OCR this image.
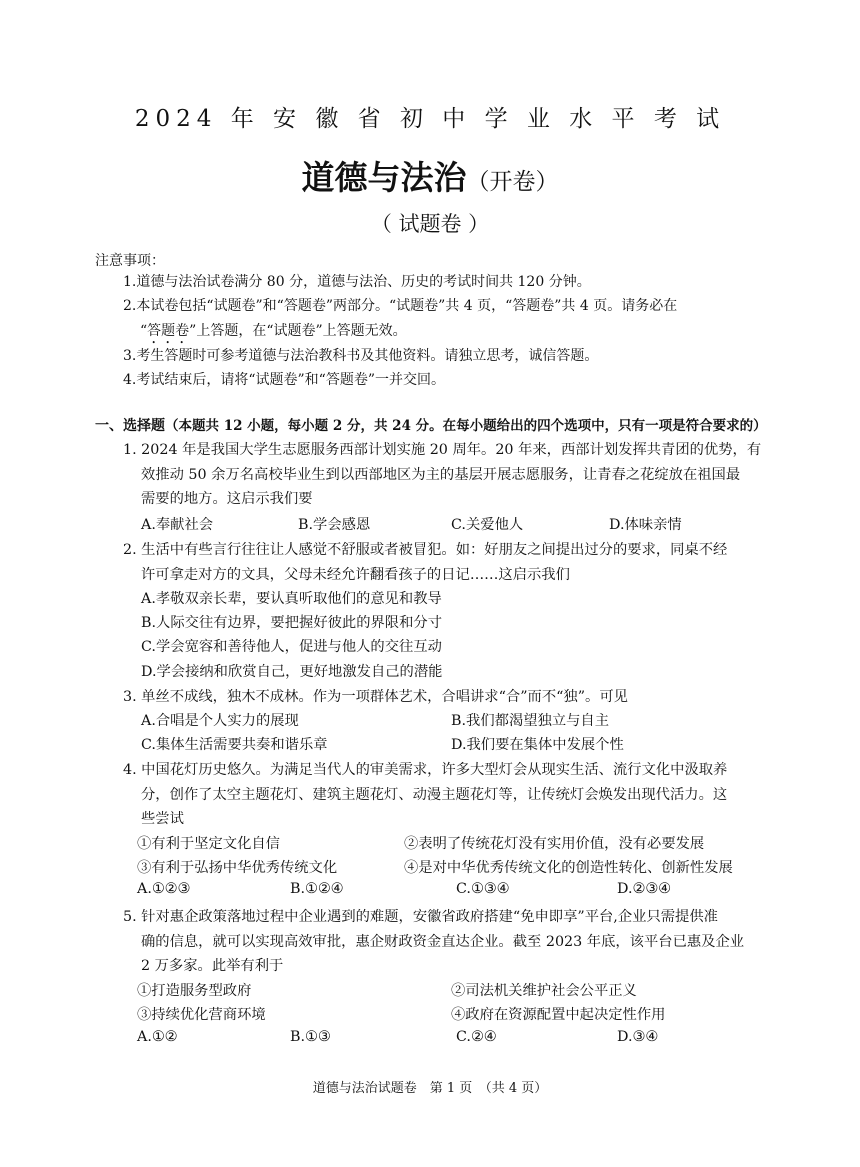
2024 年 安 徽 省 初 中 学 业 水 平 考 试
道德与法治（开卷）
（ 试题卷 ）
注意事项：
1.道德与法治试卷满分 80 分，道德与法治、历史的考试时间共 120 分钟。
2.本试卷包括“试题卷”和“答题卷”两部分。“试题卷”共 4 页，“答题卷”共 4 页。请务必在
“答题卷”上答题，在“试题卷”上答题无效。
3.考生答题时可参考道德与法治教科书及其他资料。请独立思考，诚信答题。
4.考试结束后，请将“试题卷”和“答题卷”一并交回。
一、选择题（本题共 12 小题，每小题 2 分，共 24 分。在每小题给出的四个选项中，只有一项是符合要求的）
1. 2024 年是我国大学生志愿服务西部计划实施 20 周年。20 年来，西部计划发挥共青团的优势，有
效推动 50 余万名高校毕业生到以西部地区为主的基层开展志愿服务，让青春之花绽放在祖国最
需要的地方。这启示我们要
A.奉献社会	B.学会感恩	C.关爱他人	D.体味亲情
2. 生活中有些言行往往让人感觉不舒服或者被冒犯。如：好朋友之间提出过分的要求，同桌不经
许可拿走对方的文具，父母未经允许翻看孩子的日记……这启示我们
A.孝敬双亲长辈，要认真听取他们的意见和教导
B.人际交往有边界，要把握好彼此的界限和分寸
C.学会宽容和善待他人，促进与他人的交往互动
D.学会接纳和欣赏自己，更好地激发自己的潜能
3. 单丝不成线，独木不成林。作为一项群体艺术，合唱讲求“合”而不“独”。可见
A.合唱是个人实力的展现	B.我们都渴望独立与自主
C.集体生活需要共奏和谐乐章	D.我们要在集体中发展个性
4. 中国花灯历史悠久。为满足当代人的审美需求，许多大型灯会从现实生活、流行文化中汲取养
分，创作了太空主题花灯、建筑主题花灯、动漫主题花灯等，让传统灯会焕发出现代活力。这
些尝试
①有利于坚定文化自信	②表明了传统花灯没有实用价值，没有必要发展
③有利于弘扬中华优秀传统文化	④是对中华优秀传统文化的创造性转化、创新性发展
A.①②③	B.①②④	C.①③④	D.②③④
5. 针对惠企政策落地过程中企业遇到的难题，安徽省政府搭建“免申即享”平台,企业只需提供准
确的信息，就可以实现高效审批，惠企财政资金直达企业。截至 2023 年底，该平台已惠及企业
2 万多家。此举有利于
①打造服务型政府	②司法机关维护社会公平正义
③持续优化营商环境	④政府在资源配置中起决定性作用
A.①②	B.①③	C.②④	D.③④
道德与法治试题卷　第 1 页　（共 4 页）
